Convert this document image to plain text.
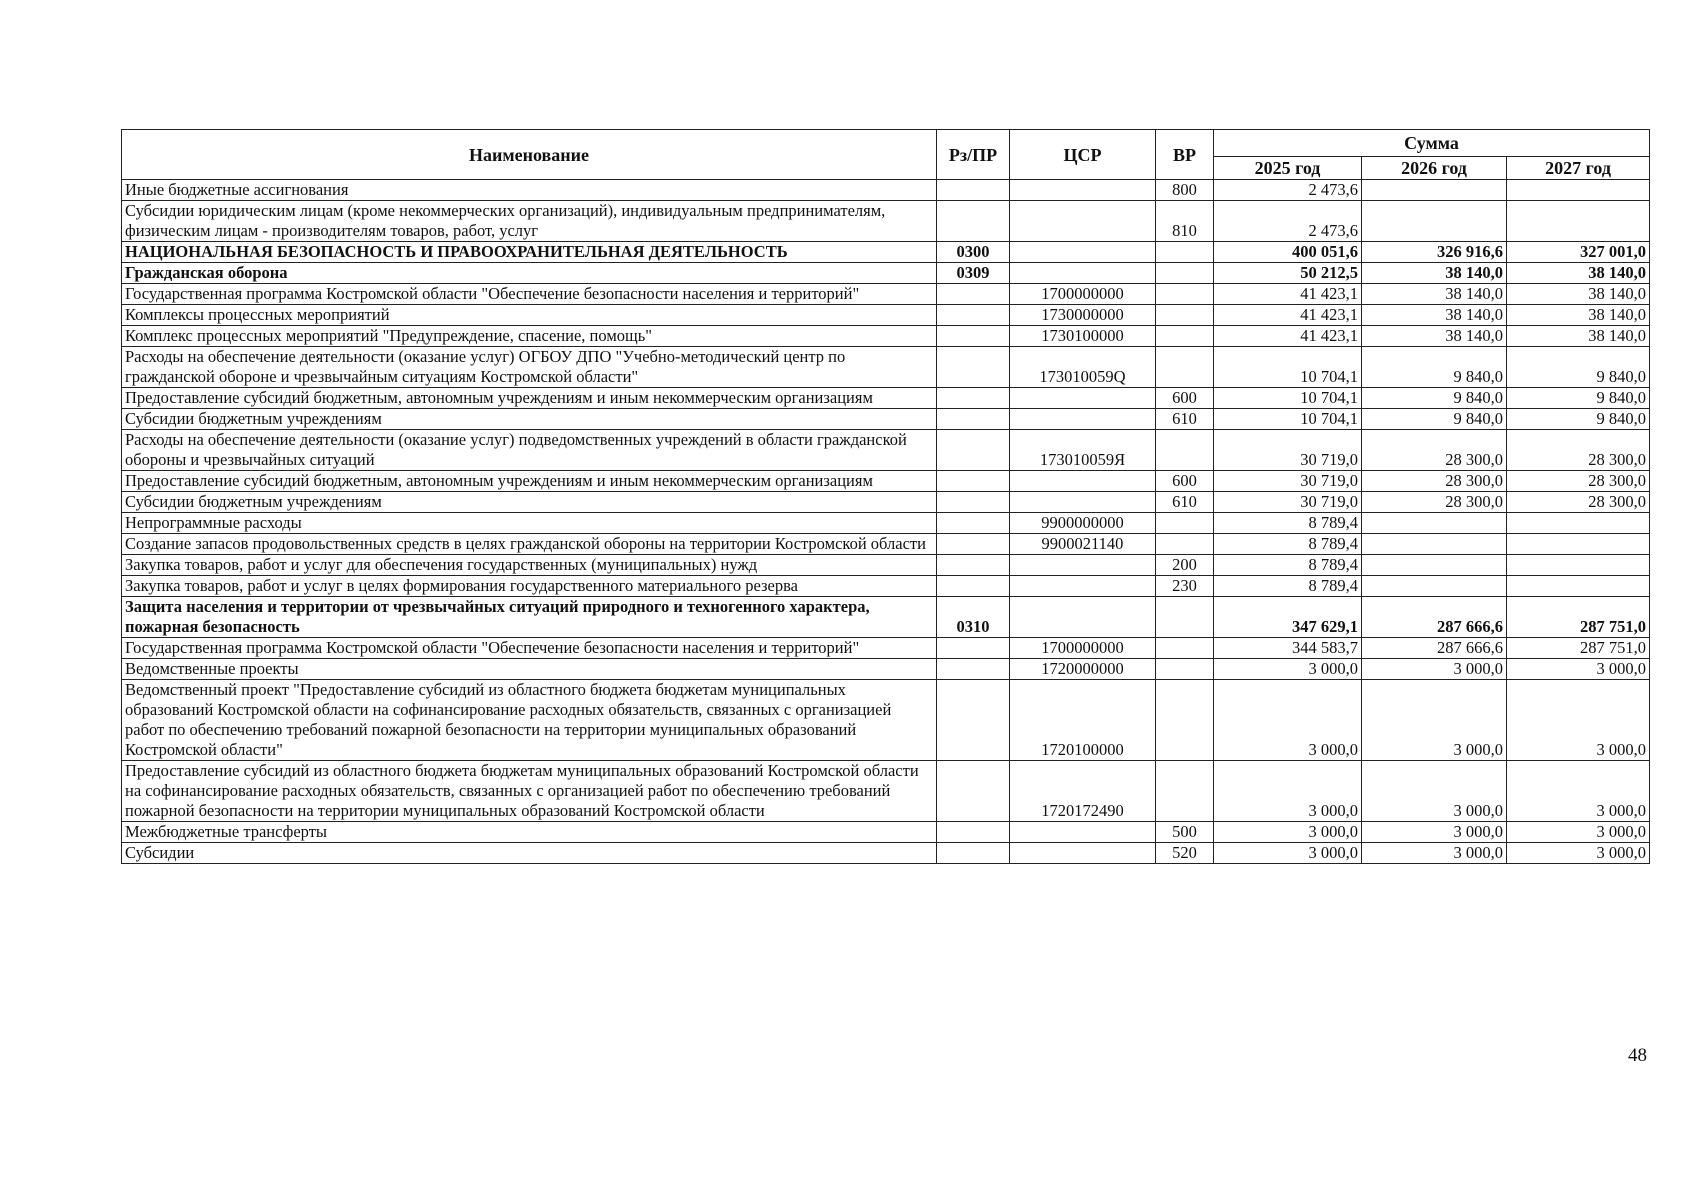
Наименование	Рз/ПР	ЦСР	ВР	Сумма		
				2025 год	2026 год	2027 год
Иные бюджетные ассигнования			800	2 473,6		
Субсидии юридическим лицам (кроме некоммерческих организаций), индивидуальным предпринимателям, физическим лицам - производителям товаров, работ, услуг			810	2 473,6		
НАЦИОНАЛЬНАЯ БЕЗОПАСНОСТЬ И ПРАВООХРАНИТЕЛЬНАЯ ДЕЯТЕЛЬНОСТЬ	0300			400 051,6	326 916,6	327 001,0
Гражданская оборона	0309			50 212,5	38 140,0	38 140,0
Государственная программа Костромской области "Обеспечение безопасности населения и территорий"		1700000000		41 423,1	38 140,0	38 140,0
Комплексы процессных мероприятий		1730000000		41 423,1	38 140,0	38 140,0
Комплекс процессных мероприятий "Предупреждение, спасение, помощь"		1730100000		41 423,1	38 140,0	38 140,0
Расходы на обеспечение деятельности (оказание услуг) ОГБОУ ДПО "Учебно-методический центр по гражданской обороне и чрезвычайным ситуациям Костромской области"		173010059Q		10 704,1	9 840,0	9 840,0
Предоставление субсидий бюджетным, автономным учреждениям и иным некоммерческим организациям			600	10 704,1	9 840,0	9 840,0
Субсидии бюджетным учреждениям			610	10 704,1	9 840,0	9 840,0
Расходы на обеспечение деятельности (оказание услуг) подведомственных учреждений в области гражданской обороны и чрезвычайных ситуаций		173010059Я		30 719,0	28 300,0	28 300,0
Предоставление субсидий бюджетным, автономным учреждениям и иным некоммерческим организациям			600	30 719,0	28 300,0	28 300,0
Субсидии бюджетным учреждениям			610	30 719,0	28 300,0	28 300,0
Непрограммные расходы		9900000000		8 789,4		
Создание запасов продовольственных средств в целях гражданской обороны на территории Костромской области		9900021140		8 789,4		
Закупка товаров, работ и услуг для обеспечения государственных (муниципальных) нужд			200	8 789,4		
Закупка товаров, работ и услуг в целях формирования государственного материального резерва			230	8 789,4		
Защита населения и территории от чрезвычайных ситуаций природного и техногенного характера, пожарная безопасность	0310			347 629,1	287 666,6	287 751,0
Государственная программа Костромской области "Обеспечение безопасности населения и территорий"		1700000000		344 583,7	287 666,6	287 751,0
Ведомственные проекты		1720000000		3 000,0	3 000,0	3 000,0
Ведомственный проект "Предоставление субсидий из областного бюджета бюджетам муниципальных образований Костромской области на софинансирование расходных обязательств, связанных с организацией работ по обеспечению требований пожарной безопасности на территории муниципальных образований Костромской области"		1720100000		3 000,0	3 000,0	3 000,0
Предоставление субсидий из областного бюджета бюджетам муниципальных образований Костромской области на софинансирование расходных обязательств, связанных с организацией работ по обеспечению требований пожарной безопасности на территории муниципальных образований Костромской области		1720172490		3 000,0	3 000,0	3 000,0
Межбюджетные трансферты			500	3 000,0	3 000,0	3 000,0
Субсидии			520	3 000,0	3 000,0	3 000,0
48
